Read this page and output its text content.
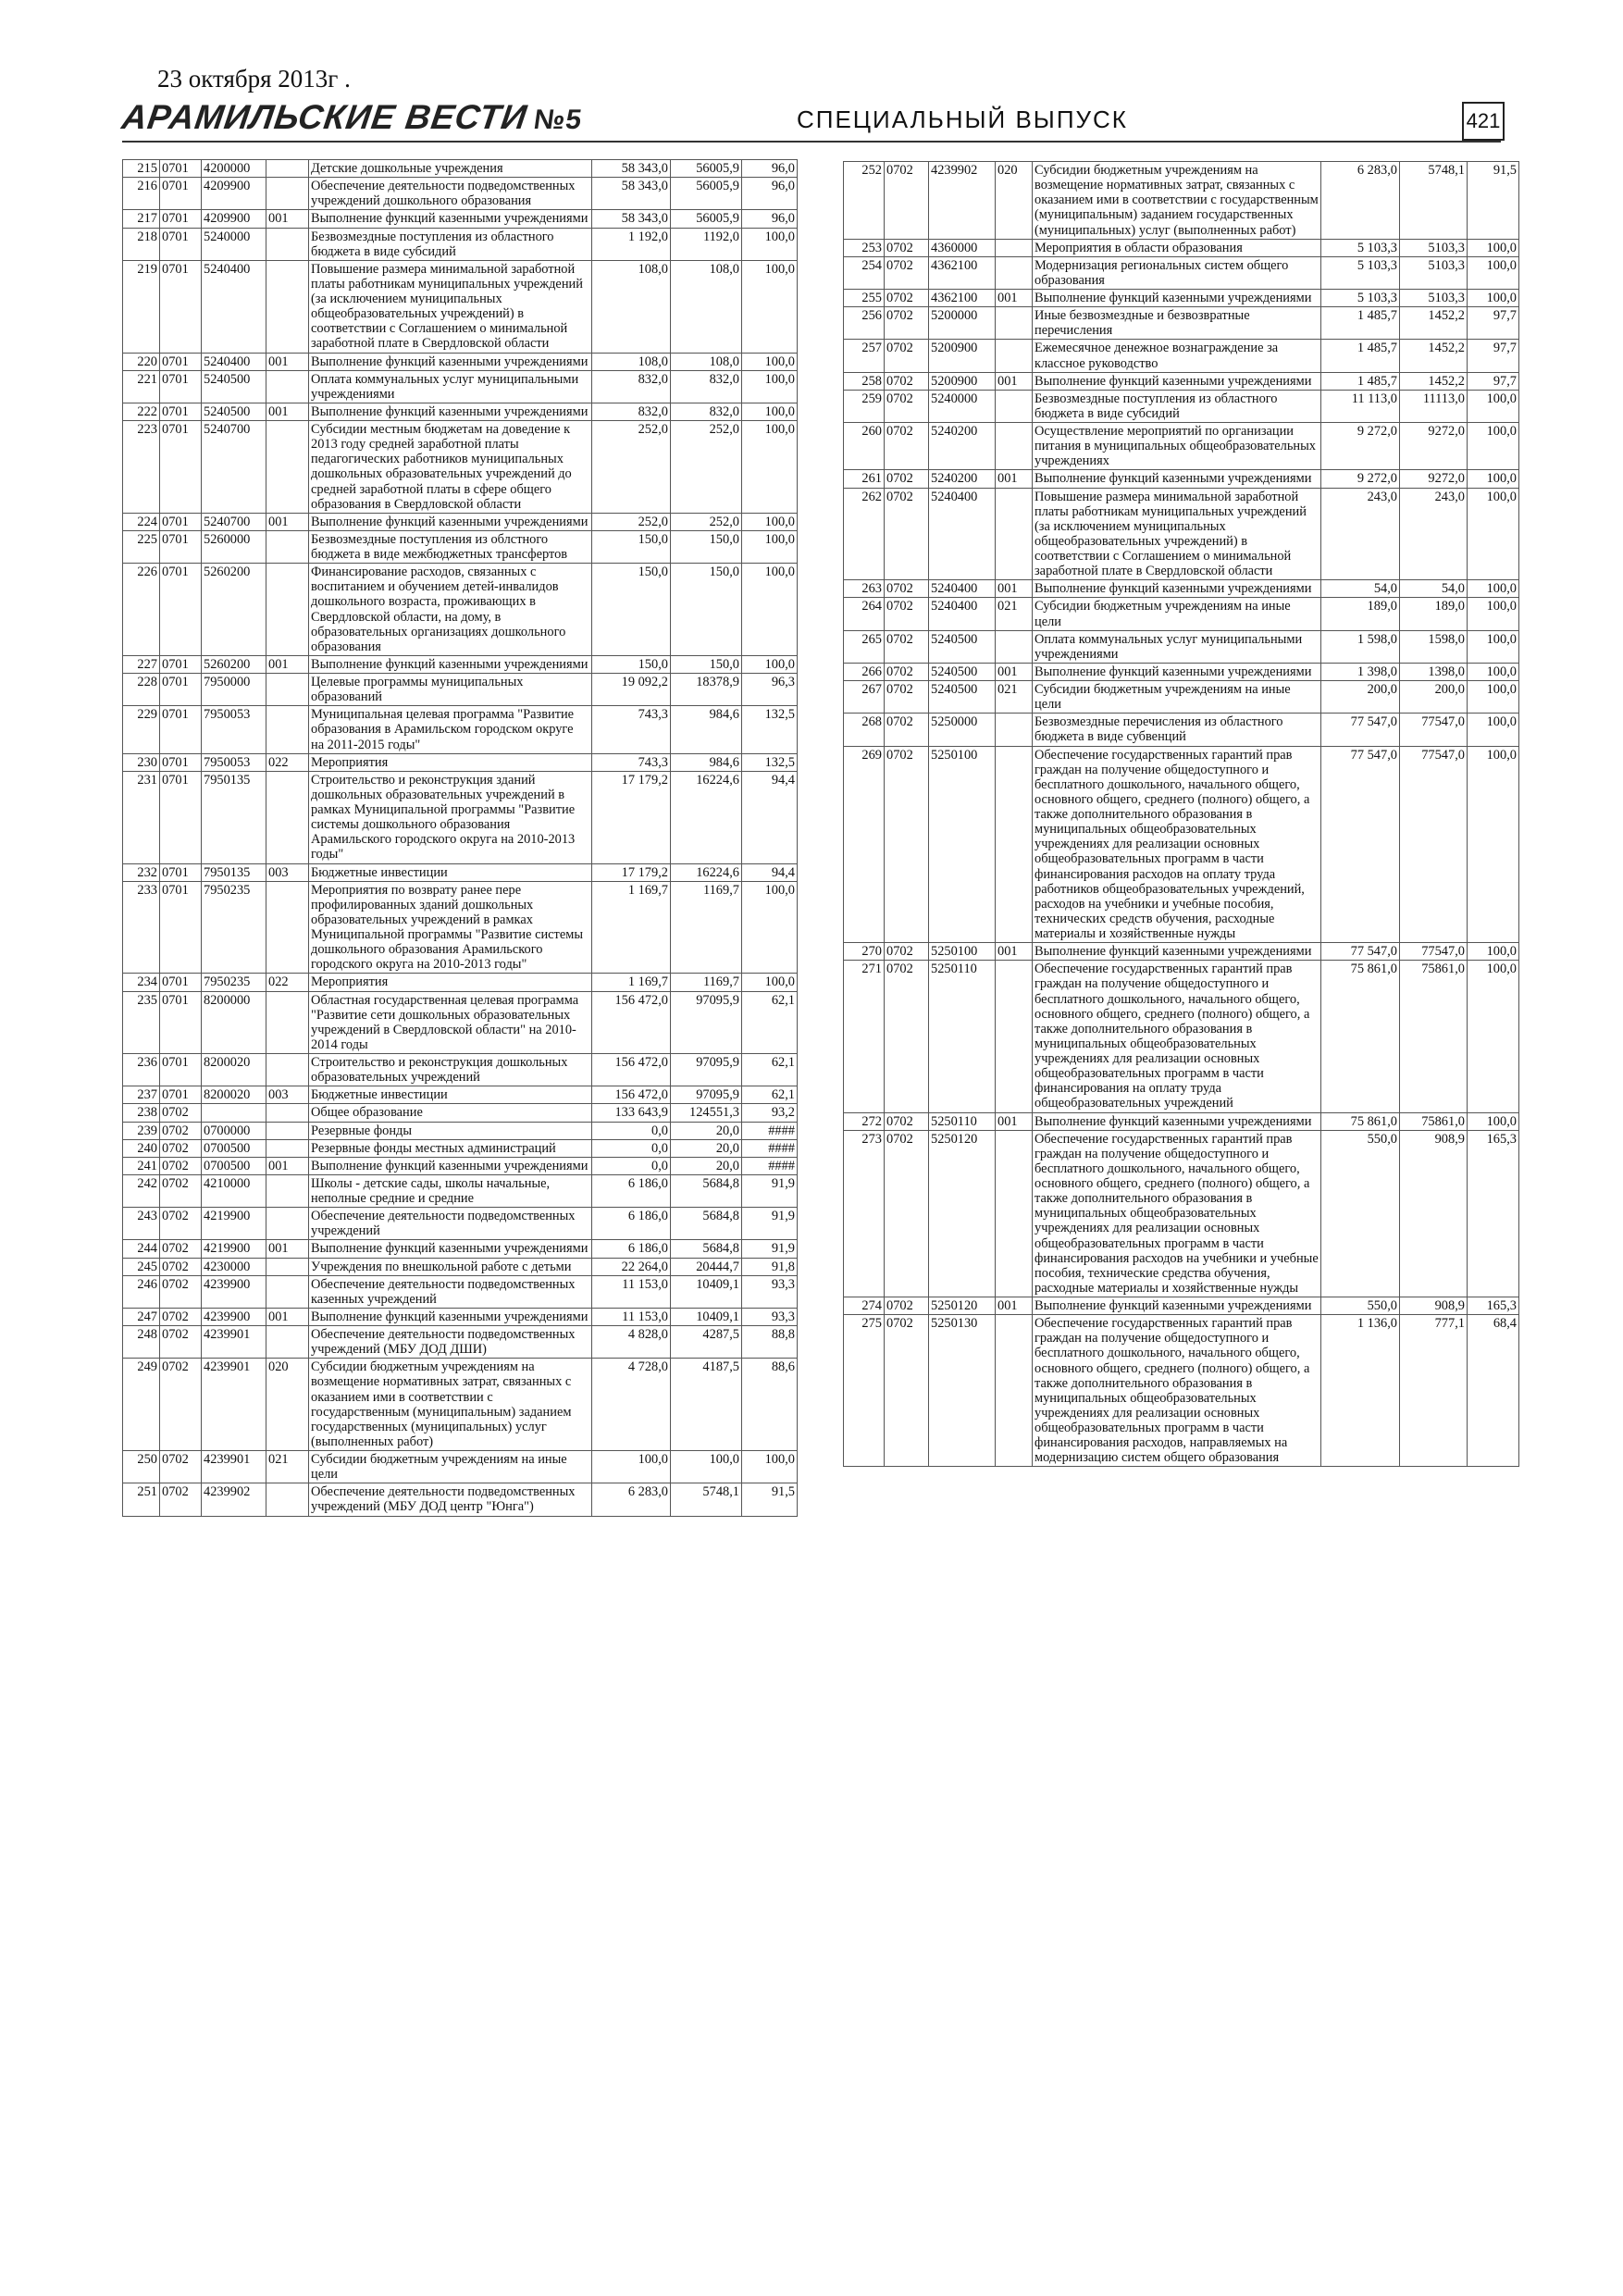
23 октября 2013г .
АРАМИЛЬСКИЕ ВЕСТИ№5	СПЕЦИАЛЬНЫЙ ВЫПУСК	421
215	0701	4200000		Детские дошкольные учреждения	58 343,0	56005,9	96,0
216	0701	4209900		Обеспечение деятельности подведомственных учреждений дошкольного образования	58 343,0	56005,9	96,0
217	0701	4209900	001	Выполнение функций казенными учреждениями	58 343,0	56005,9	96,0
218	0701	5240000		Безвозмездные поступления из областного бюджета в виде субсидий	1 192,0	1192,0	100,0
219	0701	5240400		Повышение размера минимальной заработной платы работникам муниципальных учреждений (за исключением муниципальных общеобразовательных учреждений) в соответствии с Соглашением о минимальной заработной плате в Свердловской области	108,0	108,0	100,0
220	0701	5240400	001	Выполнение функций казенными учреждениями	108,0	108,0	100,0
221	0701	5240500		Оплата коммунальных услуг муниципальными учреждениями	832,0	832,0	100,0
222	0701	5240500	001	Выполнение функций казенными учреждениями	832,0	832,0	100,0
223	0701	5240700		Субсидии местным бюджетам на доведение к 2013 году средней заработной платы педагогических работников муниципальных дошкольных образовательных учреждений до средней заработной платы в сфере общего образования в Свердловской области	252,0	252,0	100,0
224	0701	5240700	001	Выполнение функций казенными учреждениями	252,0	252,0	100,0
225	0701	5260000		Безвозмездные поступления из облстного бюджета в виде межбюджетных трансфертов	150,0	150,0	100,0
226	0701	5260200		Финансирование расходов, связанных с воспитанием и обучением детей-инвалидов дошкольного возраста, проживающих в Свердловской области, на дому, в образовательных организациях дошкольного образования	150,0	150,0	100,0
227	0701	5260200	001	Выполнение функций казенными учреждениями	150,0	150,0	100,0
228	0701	7950000		Целевые программы муниципальных образований	19 092,2	18378,9	96,3
229	0701	7950053		Муниципальная целевая программа "Развитие образования в Арамильском городском округе на 2011-2015 годы"	743,3	984,6	132,5
230	0701	7950053	022	Мероприятия	743,3	984,6	132,5
231	0701	7950135		Строительство и реконструкция зданий дошкольных образовательных учреждений в рамках Муниципальной программы "Развитие системы дошкольного образования Арамильского городского округа на 2010-2013 годы"	17 179,2	16224,6	94,4
232	0701	7950135	003	Бюджетные инвестиции	17 179,2	16224,6	94,4
233	0701	7950235		Мероприятия по возврату ранее пере профилированных зданий дошкольных образовательных учреждений в рамках Муниципальной программы "Развитие системы дошкольного образования Арамильского городского округа на 2010-2013 годы"	1 169,7	1169,7	100,0
234	0701	7950235	022	Мероприятия	1 169,7	1169,7	100,0
235	0701	8200000		Областная государственная целевая программа "Развитие сети дошкольных образовательных учреждений в Свердловской области" на 2010-2014 годы	156 472,0	97095,9	62,1
236	0701	8200020		Строительство и реконструкция дошкольных образовательных учреждений	156 472,0	97095,9	62,1
237	0701	8200020	003	Бюджетные инвестиции	156 472,0	97095,9	62,1
238	0702			Общее образование	133 643,9	124551,3	93,2
239	0702	0700000		Резервные фонды	0,0	20,0	####
240	0702	0700500		Резервные фонды местных администраций	0,0	20,0	####
241	0702	0700500	001	Выполнение функций казенными учреждениями	0,0	20,0	####
242	0702	4210000		Школы - детские сады, школы начальные, неполные средние и средние	6 186,0	5684,8	91,9
243	0702	4219900		Обеспечение деятельности подведомственных учреждений	6 186,0	5684,8	91,9
244	0702	4219900	001	Выполнение функций казенными учреждениями	6 186,0	5684,8	91,9
245	0702	4230000		Учреждения по внешкольной работе с детьми	22 264,0	20444,7	91,8
246	0702	4239900		Обеспечение деятельности подведомственных казенных учреждений	11 153,0	10409,1	93,3
247	0702	4239900	001	Выполнение функций казенными учреждениями	11 153,0	10409,1	93,3
248	0702	4239901		Обеспечение деятельности подведомственных учреждений (МБУ ДОД ДШИ)	4 828,0	4287,5	88,8
249	0702	4239901	020	Субсидии бюджетным учреждениям на возмещение нормативных затрат, связанных с оказанием ими в соответствии с государственным (муниципальным) заданием государственных (муниципальных) услуг (выполненных работ)	4 728,0	4187,5	88,6
250	0702	4239901	021	Субсидии бюджетным учреждениям на иные цели	100,0	100,0	100,0
251	0702	4239902		Обеспечение деятельности подведомственных учреждений (МБУ ДОД центр "Юнга")	6 283,0	5748,1	91,5
252	0702	4239902	020	Субсидии бюджетным учреждениям на возмещение нормативных затрат, связанных с оказанием ими в соответствии с государственным (муниципальным) заданием государственных (муниципальных) услуг (выполненных работ)	6 283,0	5748,1	91,5
253	0702	4360000		Мероприятия в области образования	5 103,3	5103,3	100,0
254	0702	4362100		Модернизация региональных систем общего образования	5 103,3	5103,3	100,0
255	0702	4362100	001	Выполнение функций казенными учреждениями	5 103,3	5103,3	100,0
256	0702	5200000		Иные безвозмездные и безвозвратные перечисления	1 485,7	1452,2	97,7
257	0702	5200900		Ежемесячное денежное вознаграждение за классное руководство	1 485,7	1452,2	97,7
258	0702	5200900	001	Выполнение функций казенными учреждениями	1 485,7	1452,2	97,7
259	0702	5240000		Безвозмездные поступления из областного бюджета в виде субсидий	11 113,0	11113,0	100,0
260	0702	5240200		Осуществление мероприятий по организации питания в муниципальных общеобразовательных учреждениях	9 272,0	9272,0	100,0
261	0702	5240200	001	Выполнение функций казенными учреждениями	9 272,0	9272,0	100,0
262	0702	5240400		Повышение размера минимальной заработной платы работникам муниципальных учреждений (за исключением муниципальных общеобразовательных учреждений) в соответствии с Соглашением о минимальной заработной плате в Свердловской области	243,0	243,0	100,0
263	0702	5240400	001	Выполнение функций казенными учреждениями	54,0	54,0	100,0
264	0702	5240400	021	Субсидии бюджетным учреждениям на иные цели	189,0	189,0	100,0
265	0702	5240500		Оплата коммунальных услуг муниципальными учреждениями	1 598,0	1598,0	100,0
266	0702	5240500	001	Выполнение функций казенными учреждениями	1 398,0	1398,0	100,0
267	0702	5240500	021	Субсидии бюджетным учреждениям на иные цели	200,0	200,0	100,0
268	0702	5250000		Безвозмездные перечисления из областного бюджета в виде субвенций	77 547,0	77547,0	100,0
269	0702	5250100		Обеспечение государственных гарантий прав граждан на получение общедоступного и бесплатного дошкольного, начального общего, основного общего, среднего (полного) общего, а также дополнительного образования в муниципальных общеобразовательных учреждениях для реализации основных общеобразовательных программ в части финансирования расходов на оплату труда работников общеобразовательных учреждений, расходов на учебники и учебные пособия, технических средств обучения, расходные материалы и хозяйственные нужды	77 547,0	77547,0	100,0
270	0702	5250100	001	Выполнение функций казенными учреждениями	77 547,0	77547,0	100,0
271	0702	5250110		Обеспечение государственных гарантий прав граждан на получение общедоступного и бесплатного дошкольного, начального общего, основного общего, среднего (полного) общего, а также дополнительного образования в муниципальных общеобразовательных учреждениях для реализации основных общеобразовательных программ в части финансирования на оплату труда общеобразовательных учреждений	75 861,0	75861,0	100,0
272	0702	5250110	001	Выполнение функций казенными учреждениями	75 861,0	75861,0	100,0
273	0702	5250120		Обеспечение государственных гарантий прав граждан на получение общедоступного и бесплатного дошкольного, начального общего, основного общего, среднего (полного) общего, а также дополнительного образования в муниципальных общеобразовательных учреждениях для реализации основных общеобразовательных программ в части финансирования расходов на учебники и учебные пособия, технические средства обучения, расходные материалы и хозяйственные нужды	550,0	908,9	165,3
274	0702	5250120	001	Выполнение функций казенными учреждениями	550,0	908,9	165,3
275	0702	5250130		Обеспечение государственных гарантий прав граждан на получение общедоступного и бесплатного дошкольного, начального общего, основного общего, среднего (полного) общего, а также дополнительного образования в муниципальных общеобразовательных учреждениях для реализации основных общеобразовательных программ в части финансирования расходов, направляемых на модернизацию систем общего образования	1 136,0	777,1	68,4
